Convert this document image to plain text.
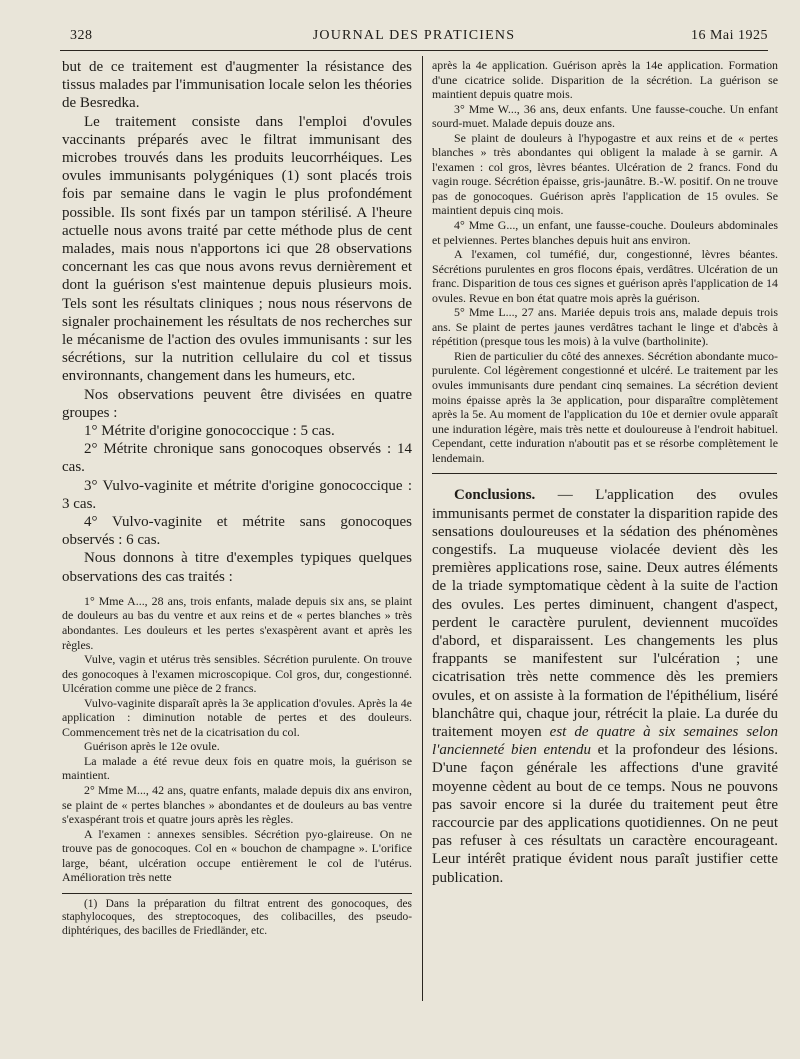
328	JOURNAL DES PRATICIENS	16 Mai 1925

but de ce traitement est d'augmenter la résistance des tissus malades par l'immunisation locale selon les théories de Besredka.

Le traitement consiste dans l'emploi d'ovules vaccinants préparés avec le filtrat immunisant des microbes trouvés dans les produits leucorrhéiques. Les ovules immunisants polygéniques (1) sont placés trois fois par semaine dans le vagin le plus profondément possible. Ils sont fixés par un tampon stérilisé. A l'heure actuelle nous avons traité par cette méthode plus de cent malades, mais nous n'apportons ici que 28 observations concernant les cas que nous avons revus dernièrement et dont la guérison s'est maintenue depuis plusieurs mois. Tels sont les résultats cliniques ; nous nous réservons de signaler prochainement les résultats de nos recherches sur le mécanisme de l'action des ovules immunisants : sur les sécrétions, sur la nutrition cellulaire du col et tissus environnants, changement dans les humeurs, etc.

Nos observations peuvent être divisées en quatre groupes :

1° Métrite d'origine gonococcique : 5 cas.

2° Métrite chronique sans gonocoques observés : 14 cas.

3° Vulvo-vaginite et métrite d'origine gonococcique : 3 cas.

4° Vulvo-vaginite et métrite sans gonocoques observés : 6 cas.

Nous donnons à titre d'exemples typiques quelques observations des cas traités :

1° Mme A..., 28 ans, trois enfants, malade depuis six ans, se plaint de douleurs au bas du ventre et aux reins et de « pertes blanches » très abondantes. Les douleurs et les pertes s'exaspèrent avant et après les règles.

Vulve, vagin et utérus très sensibles. Sécrétion purulente. On trouve des gonocoques à l'examen microscopique. Col gros, dur, congestionné. Ulcération comme une pièce de 2 francs.

Vulvo-vaginite disparaît après la 3e application d'ovules. Après la 4e application : diminution notable de pertes et des douleurs. Commencement très net de la cicatrisation du col.

Guérison après le 12e ovule.

La malade a été revue deux fois en quatre mois, la guérison se maintient.

2° Mme M..., 42 ans, quatre enfants, malade depuis dix ans environ, se plaint de « pertes blanches » abondantes et de douleurs au bas ventre s'exaspérant trois et quatre jours après les règles.

A l'examen : annexes sensibles. Sécrétion pyo-glaireuse. On ne trouve pas de gonocoques. Col en « bouchon de champagne ». L'orifice large, béant, ulcération occupe entièrement le col de l'utérus. Amélioration très nette

(1) Dans la préparation du filtrat entrent des gonocoques, des staphylocoques, des streptocoques, des colibacilles, des pseudo-diphtériques, des bacilles de Friedländer, etc.

après la 4e application. Guérison après la 14e application. Formation d'une cicatrice solide. Disparition de la sécrétion. La guérison se maintient depuis quatre mois.

3° Mme W..., 36 ans, deux enfants. Une fausse-couche. Un enfant sourd-muet. Malade depuis douze ans.

Se plaint de douleurs à l'hypogastre et aux reins et de « pertes blanches » très abondantes qui obligent la malade à se garnir. A l'examen : col gros, lèvres béantes. Ulcération de 2 francs. Fond du vagin rouge. Sécrétion épaisse, gris-jaunâtre. B.-W. positif. On ne trouve pas de gonocoques. Guérison après l'application de 15 ovules. Se maintient depuis cinq mois.

4° Mme G..., un enfant, une fausse-couche. Douleurs abdominales et pelviennes. Pertes blanches depuis huit ans environ.

A l'examen, col tuméfié, dur, congestionné, lèvres béantes. Sécrétions purulentes en gros flocons épais, verdâtres. Ulcération de un franc. Disparition de tous ces signes et guérison après l'application de 14 ovules. Revue en bon état quatre mois après la guérison.

5° Mme L..., 27 ans. Mariée depuis trois ans, malade depuis trois ans. Se plaint de pertes jaunes verdâtres tachant le linge et d'abcès à répétition (presque tous les mois) à la vulve (bartholinite).

Rien de particulier du côté des annexes. Sécrétion abondante muco-purulente. Col légèrement congestionné et ulcéré. Le traitement par les ovules immunisants dure pendant cinq semaines. La sécrétion devient moins épaisse après la 3e application, pour disparaître complètement après la 5e. Au moment de l'application du 10e et dernier ovule apparaît une induration légère, mais très nette et douloureuse à l'endroit habituel. Cependant, cette induration n'aboutit pas et se résorbe complètement le lendemain.

Conclusions. — L'application des ovules immunisants permet de constater la disparition rapide des sensations douloureuses et la sédation des phénomènes congestifs. La muqueuse violacée devient dès les premières applications rose, saine. Deux autres éléments de la triade symptomatique cèdent à la suite de l'action des ovules. Les pertes diminuent, changent d'aspect, perdent le caractère purulent, deviennent mucoïdes d'abord, et disparaissent. Les changements les plus frappants se manifestent sur l'ulcération ; une cicatrisation très nette commence dès les premiers ovules, et on assiste à la formation de l'épithélium, liséré blanchâtre qui, chaque jour, rétrécit la plaie. La durée du traitement moyen est de quatre à six semaines selon l'ancienneté bien entendu et la profondeur des lésions. D'une façon générale les affections d'une gravité moyenne cèdent au bout de ce temps. Nous ne pouvons pas savoir encore si la durée du traitement peut être raccourcie par des applications quotidiennes. On ne peut pas refuser à ces résultats un caractère encourageant. Leur intérêt pratique évident nous paraît justifier cette publication.
